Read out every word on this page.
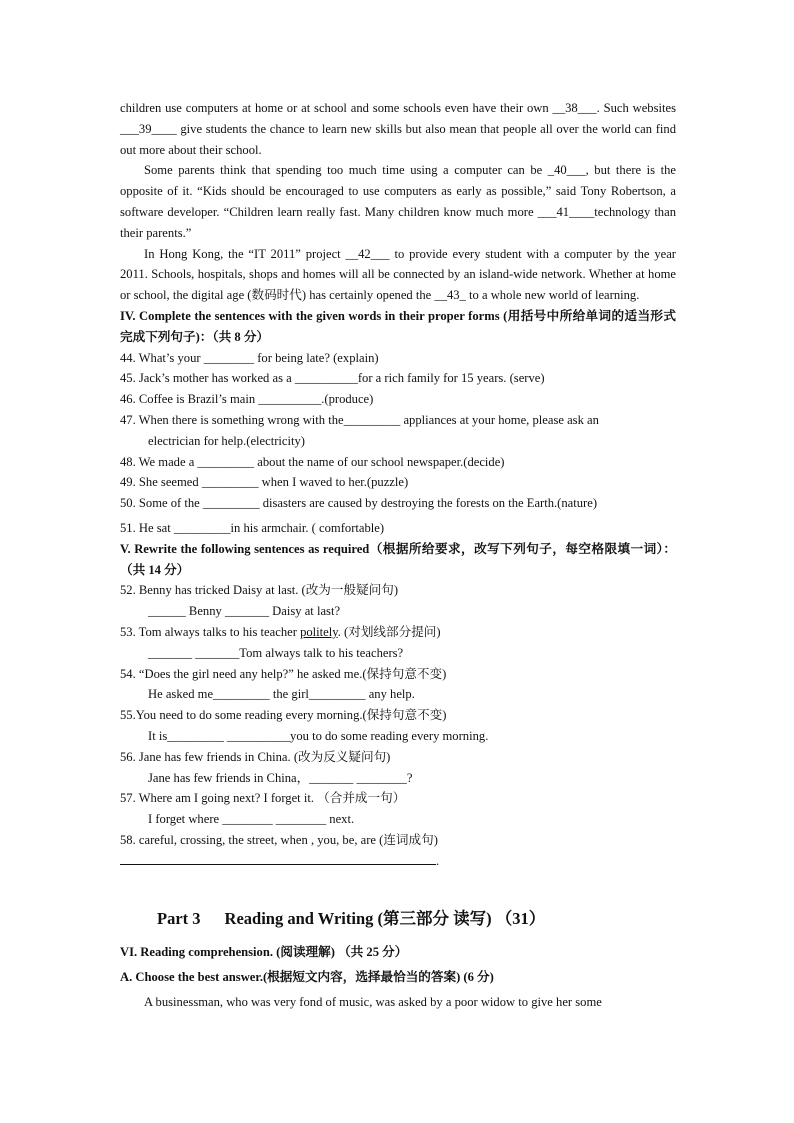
children use computers at home or at school and some schools even have their own __38___. Such websites ___39____ give students the chance to learn new skills but also mean that people all over the world can find out more about their school.

Some parents think that spending too much time using a computer can be _40___, but there is the opposite of it. “Kids should be encouraged to use computers as early as possible,” said Tony Robertson, a software developer. “Children learn really fast. Many children know much more ___41____technology than their parents.”

In Hong Kong, the “IT 2011” project __42___ to provide every student with a computer by the year 2011. Schools, hospitals, shops and homes will all be connected by an island-wide network. Whether at home or school, the digital age (数码时代) has certainly opened the __43_ to a whole new world of learning.

IV. Complete the sentences with the given words in their proper forms (用括号中所给单词的适当形式完成下列句子)：（共 8 分）

44. What’s your ________ for being late? (explain)

45. Jack’s mother has worked as a __________for a rich family for 15 years. (serve)

46. Coffee is Brazil’s main __________.(produce)

47. When there is something wrong with the_________ appliances at your home, please ask an

electrician for help.(electricity)

48. We made a _________ about the name of our school newspaper.(decide)

49. She seemed _________ when I waved to her.(puzzle)

50. Some of the _________ disasters are caused by destroying the forests on the Earth.(nature)

51. He sat _________in his armchair. ( comfortable)

V. Rewrite the following sentences as required（根据所给要求，改写下列句子，每空格限填一词）：（共 14 分）

52. Benny has tricked Daisy at last. (改为一般疑问句)

______ Benny _______ Daisy at last?

53. Tom always talks to his teacher politely. (对划线部分提问)

_______ _______Tom always talk to his teachers?

54. “Does the girl need any help?” he asked me.(保持句意不变)

He asked me_________ the girl_________ any help.

55.You need to do some reading every morning.(保持句意不变)

It is_________ __________you to do some reading every morning.

56. Jane has few friends in China. (改为反义疑问句)

Jane has few friends in China，_______ ________?

57. Where am I going next? I forget it. （合并成一句）

I forget where ________ ________ next.

58. careful, crossing, the street, when , you, be, are (连词成句)

.

Part 3 Reading and Writing (第三部分 读写) （31）

VI. Reading comprehension. (阅读理解) （共 25 分）

A. Choose the best answer.(根据短文内容，选择最恰当的答案) (6 分)

A businessman, who was very fond of music, was asked by a poor widow to give her some
